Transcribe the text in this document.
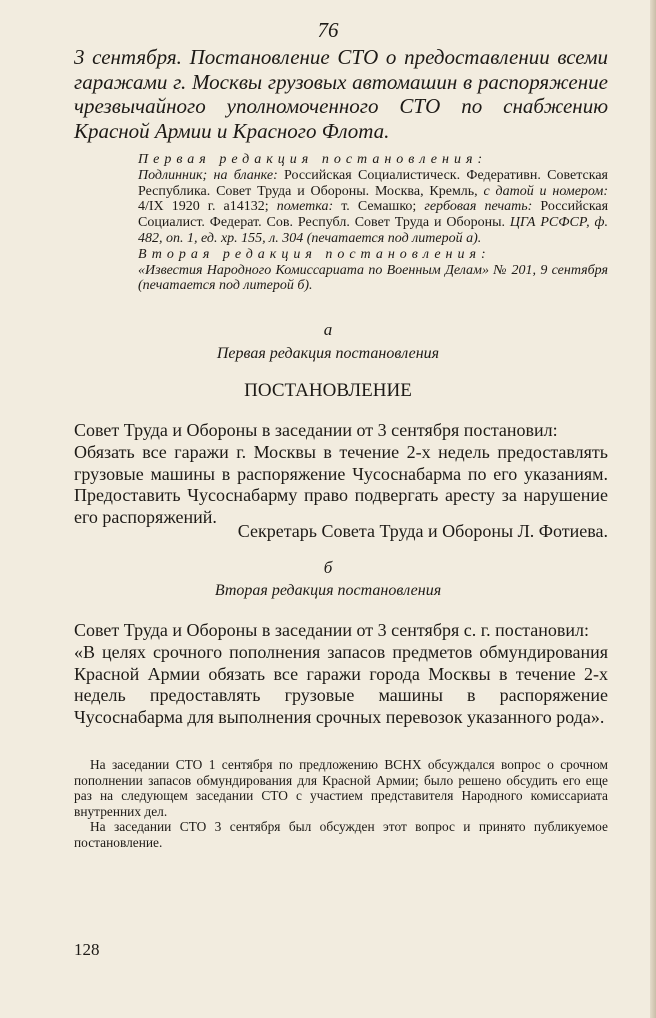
76
3 сентября. Постановление СТО о предоставлении всеми гаражами г. Москвы грузовых автомашин в распоряжение чрезвычайного уполномоченного СТО по снабжению Красной Армии и Красного Флота.
Первая редакция постановления:
Подлинник; на бланке: Российская Социалистическ. Федеративн. Советская Республика. Совет Труда и Обороны. Москва, Кремль, с датой и номером: 4/IX 1920 г. а14132; пометка: т. Семашко; гербовая печать: Российская Социалист. Федерат. Сов. Республ. Совет Труда и Обороны. ЦГА РСФСР, ф. 482, оп. 1, ед. хр. 155, л. 304 (печатается под литерой а).
Вторая редакция постановления:
«Известия Народного Комиссариата по Военным Делам» № 201, 9 сентября (печатается под литерой б).
а
Первая редакция постановления
ПОСТАНОВЛЕНИЕ

Совет Труда и Обороны в заседании от 3 сентября постановил:

Обязать все гаражи г. Москвы в течение 2-х недель предоставлять грузовые машины в распоряжение Чусоснабарма по его указаниям. Предоставить Чусоснабарму право подвергать аресту за нарушение его распоряжений.

Секретарь Совета Труда и Обороны Л. Фотиева.
б
Вторая редакция постановления

Совет Труда и Обороны в заседании от 3 сентября с. г. постановил:

«В целях срочного пополнения запасов предметов обмундирования Красной Армии обязать все гаражи города Москвы в течение 2-х недель предоставлять грузовые машины в распоряжение Чусоснабарма для выполнения срочных перевозок указанного рода».

На заседании СТО 1 сентября по предложению ВСНХ обсуждался вопрос о срочном пополнении запасов обмундирования для Красной Армии; было решено обсудить его еще раз на следующем заседании СТО с участием представителя Народного комиссариата внутренних дел.

На заседании СТО 3 сентября был обсужден этот вопрос и принято публикуемое постановление.

128
